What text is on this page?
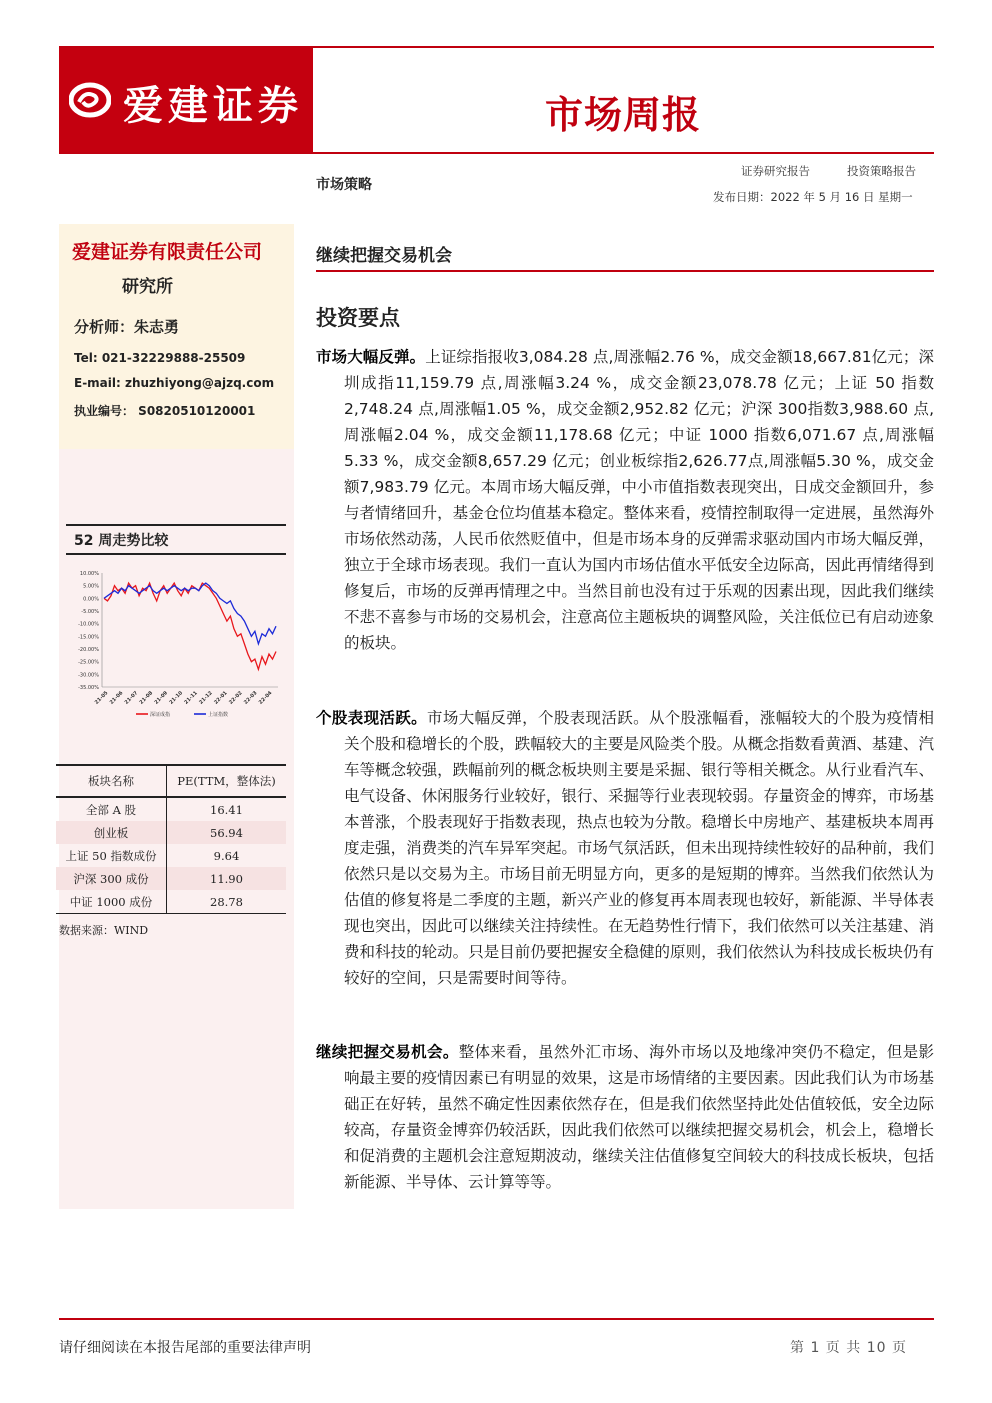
爱建证券	市场周报
市场策略
证券研究报告	投资策略报告
发布日期：2022 年 5 月 16 日 星期一
爱建证券有限责任公司
研究所
分析师：朱志勇
Tel: 021-32229888-25509
E-mail: zhuzhiyong@ajzq.com
执业编号： S0820510120001
52 周走势比较
10.00%
5.00%
0.00%
-5.00%
-10.00%
-15.00%
-20.00%
-25.00%
-30.00%
-35.00%
21-05 21-06 21-07 21-08 21-09 21-10 21-11 21-12 22-01 22-02 22-03 22-04
深证成指	上证指数
板块名称	PE(TTM，整体法)
全部 A 股	16.41
创业板	56.94
上证 50 指数成份	9.64
沪深 300 成份	11.90
中证 1000 成份	28.78
数据来源：WIND
继续把握交易机会
投资要点
市场大幅反弹。上证综指报收3,084.28 点,周涨幅2.76 %，成交金额18,667.81亿元；深圳成指11,159.79 点,周涨幅3.24 %，成交金额23,078.78 亿元；上证 50 指数2,748.24 点,周涨幅1.05 %，成交金额2,952.82 亿元；沪深 300指数3,988.60 点,周涨幅2.04 %，成交金额11,178.68 亿元；中证 1000 指数6,071.67 点,周涨幅5.33 %，成交金额8,657.29 亿元；创业板综指2,626.77点,周涨幅5.30 %，成交金额7,983.79 亿元。本周市场大幅反弹，中小市值指数表现突出，日成交金额回升，参与者情绪回升，基金仓位均值基本稳定。整体来看，疫情控制取得一定进展，虽然海外市场依然动荡，人民币依然贬值中，但是市场本身的反弹需求驱动国内市场大幅反弹，独立于全球市场表现。我们一直认为国内市场估值水平低安全边际高，因此再情绪得到修复后，市场的反弹再情理之中。当然目前也没有过于乐观的因素出现，因此我们继续不悲不喜参与市场的交易机会，注意高位主题板块的调整风险，关注低位已有启动迹象的板块。
个股表现活跃。市场大幅反弹，个股表现活跃。从个股涨幅看，涨幅较大的个股为疫情相关个股和稳增长的个股，跌幅较大的主要是风险类个股。从概念指数看黄酒、基建、汽车等概念较强，跌幅前列的概念板块则主要是采掘、银行等相关概念。从行业看汽车、电气设备、休闲服务行业较好，银行、采掘等行业表现较弱。存量资金的博弈，市场基本普涨，个股表现好于指数表现，热点也较为分散。稳增长中房地产、基建板块本周再度走强，消费类的汽车异军突起。市场气氛活跃，但未出现持续性较好的品种前，我们依然只是以交易为主。市场目前无明显方向，更多的是短期的博弈。当然我们依然认为估值的修复将是二季度的主题，新兴产业的修复再本周表现也较好，新能源、半导体表现也突出，因此可以继续关注持续性。在无趋势性行情下，我们依然可以关注基建、消费和科技的轮动。只是目前仍要把握安全稳健的原则，我们依然认为科技成长板块仍有较好的空间，只是需要时间等待。
继续把握交易机会。整体来看，虽然外汇市场、海外市场以及地缘冲突仍不稳定，但是影响最主要的疫情因素已有明显的效果，这是市场情绪的主要因素。因此我们认为市场基础正在好转，虽然不确定性因素依然存在，但是我们依然坚持此处估值较低，安全边际较高，存量资金博弈仍较活跃，因此我们依然可以继续把握交易机会，机会上，稳增长和促消费的主题机会注意短期波动，继续关注估值修复空间较大的科技成长板块，包括新能源、半导体、云计算等等。
请仔细阅读在本报告尾部的重要法律声明	第 1 页 共 10 页
